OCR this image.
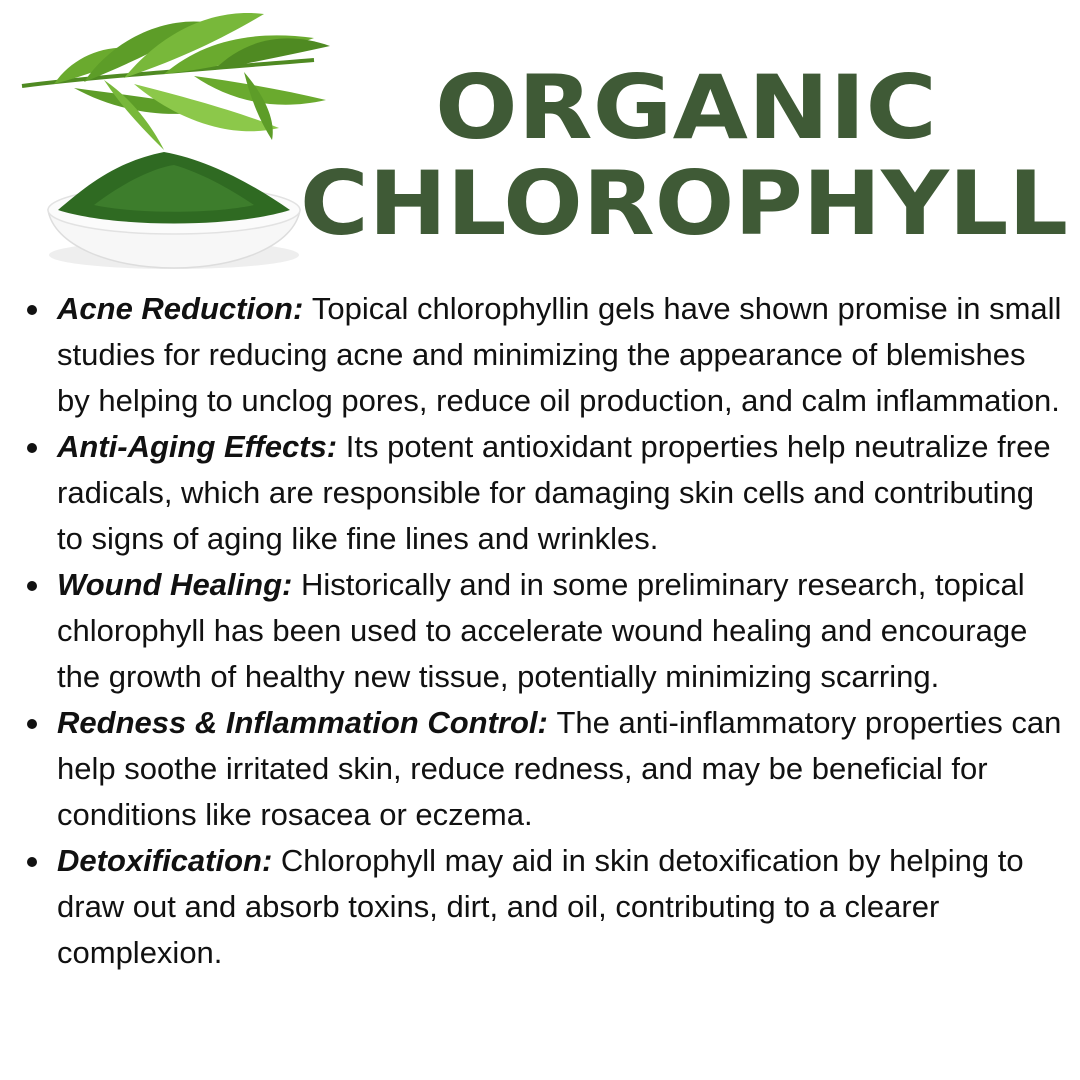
ORGANIC
CHLOROPHYLL
Acne Reduction: Topical chlorophyllin gels have shown promise in small studies for reducing acne and minimizing the appearance of blemishes by helping to unclog pores, reduce oil production, and calm inflammation.
Anti-Aging Effects: Its potent antioxidant properties help neutralize free radicals, which are responsible for damaging skin cells and contributing to signs of aging like fine lines and wrinkles.
Wound Healing: Historically and in some preliminary research, topical chlorophyll has been used to accelerate wound healing and encourage the growth of healthy new tissue, potentially minimizing scarring.
Redness & Inflammation Control: The anti-inflammatory properties can help soothe irritated skin, reduce redness, and may be beneficial for conditions like rosacea or eczema.
Detoxification: Chlorophyll may aid in skin detoxification by helping to draw out and absorb toxins, dirt, and oil, contributing to a clearer complexion.
